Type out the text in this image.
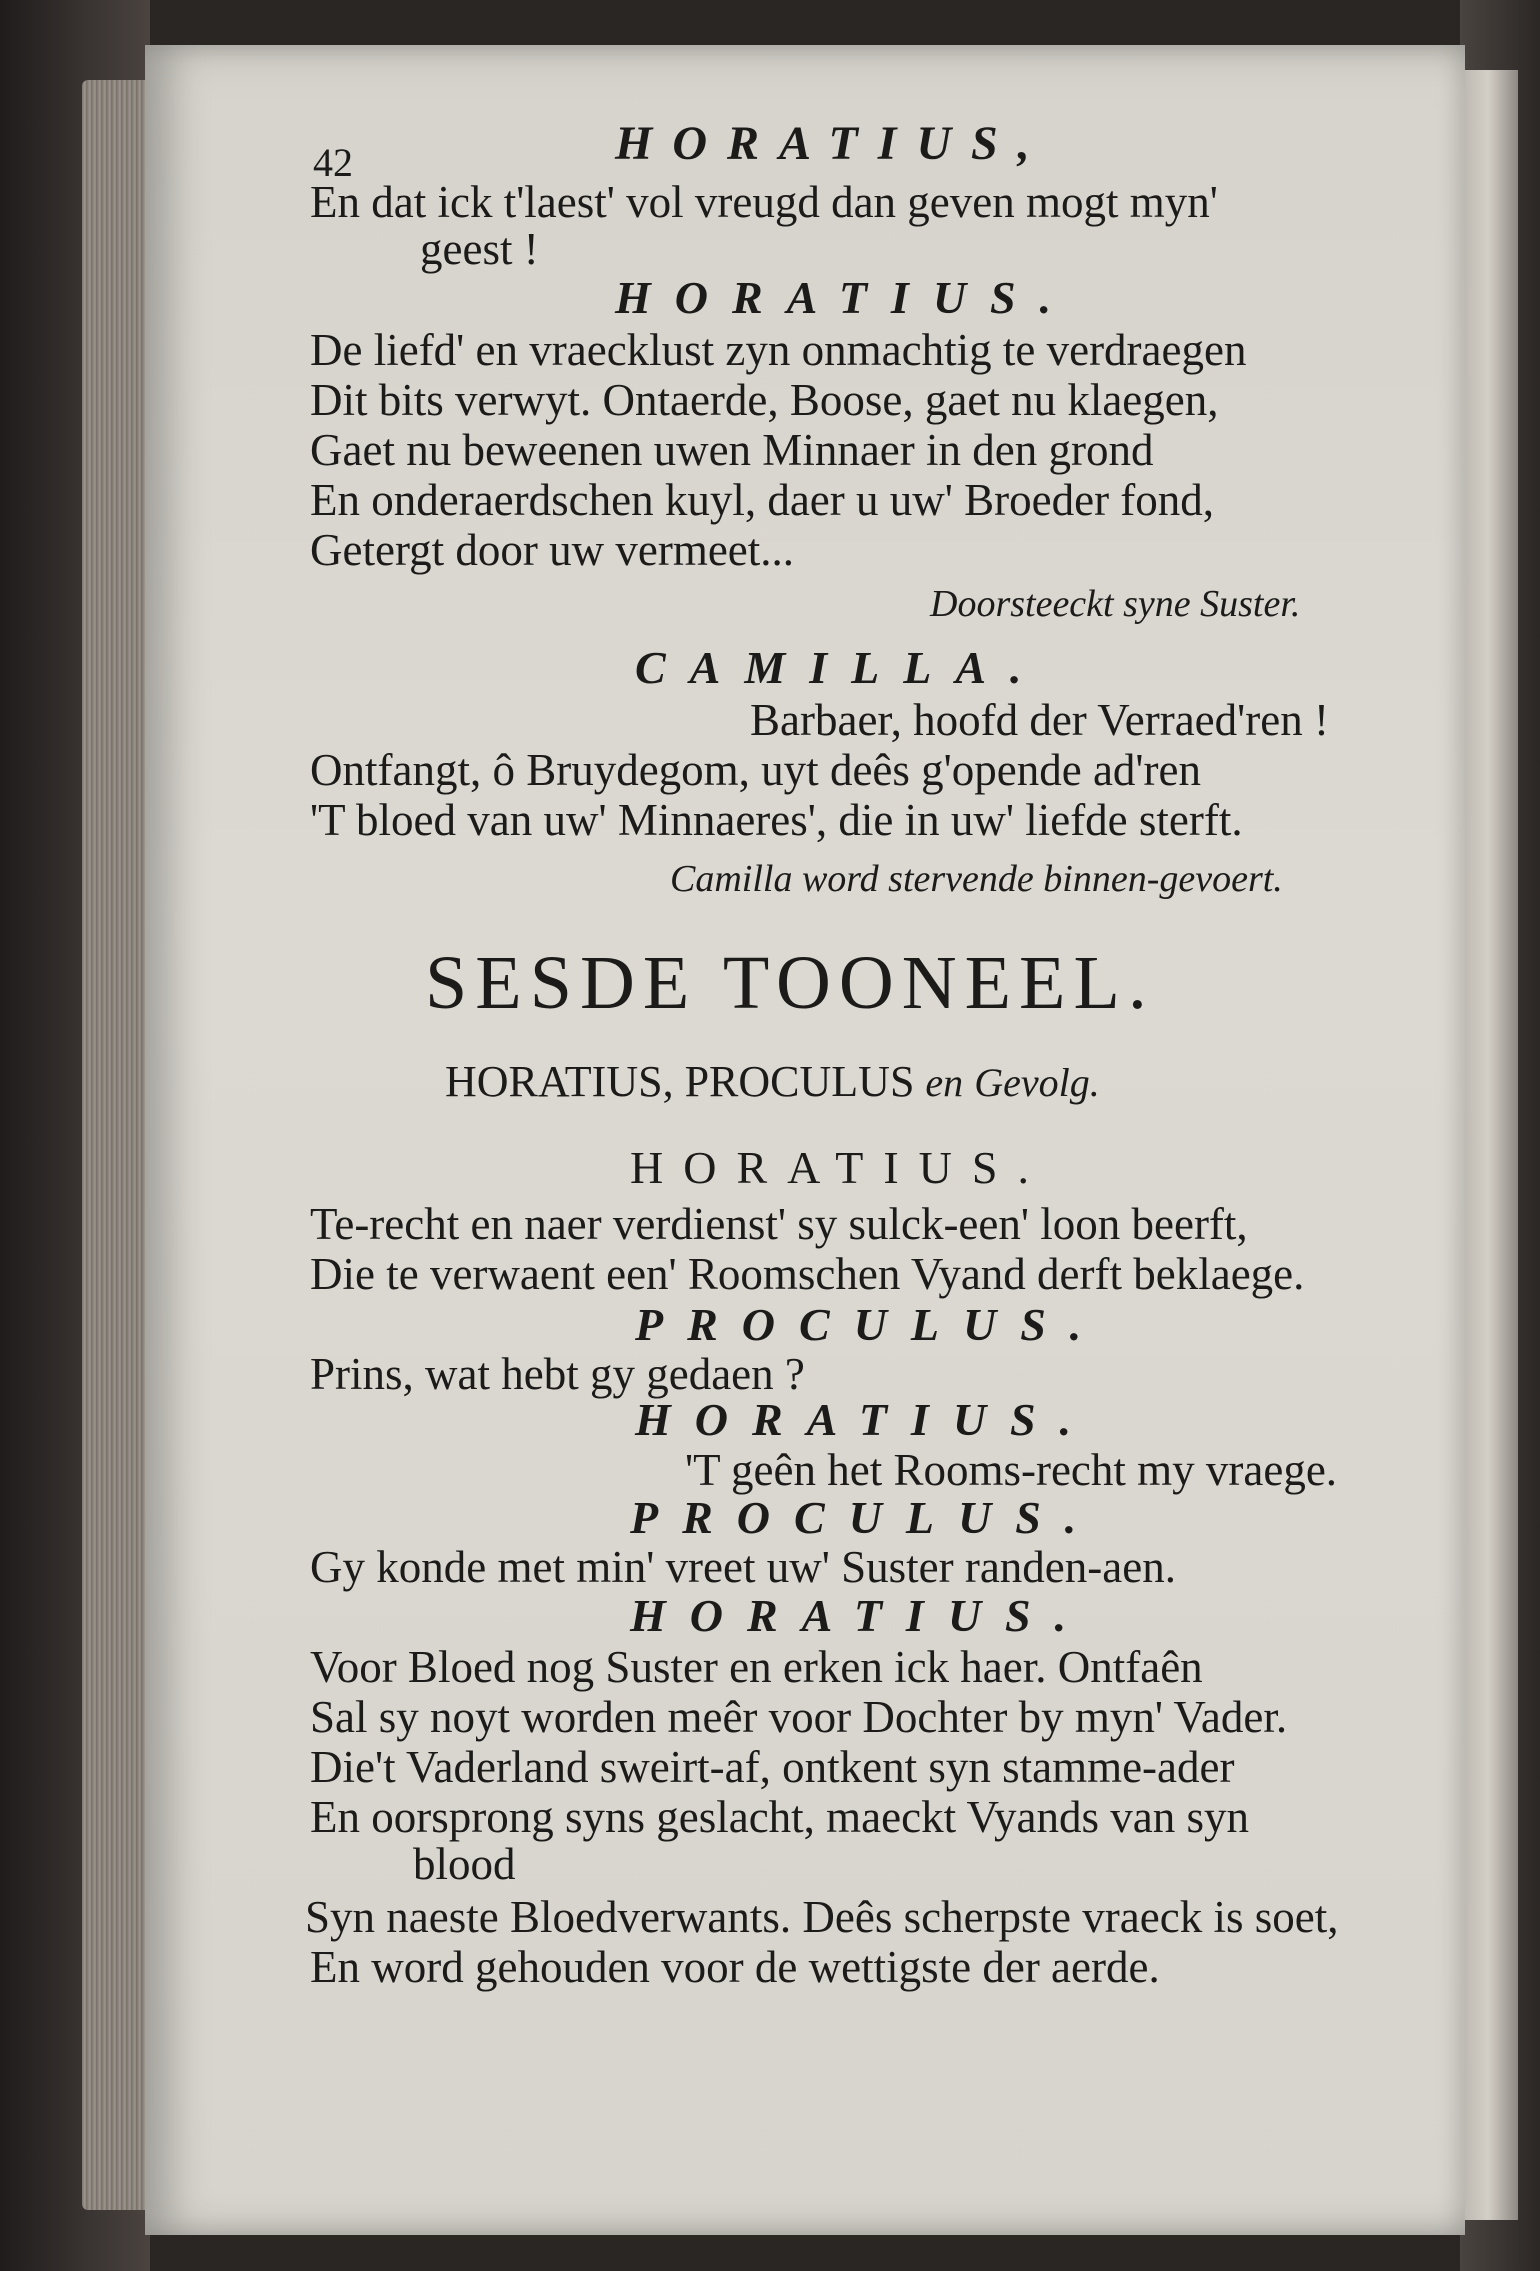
42	HORATIUS,
En dat ick t'laest' vol vreugd dan geven mogt myn'
geest !
HORATIUS.
De liefd' en vraecklust zyn onmachtig te verdraegen
Dit bits verwyt. Ontaerde, Boose, gaet nu klaegen,
Gaet nu beweenen uwen Minnaer in den grond
En onderaerdschen kuyl, daer u uw' Broeder fond,
Getergt door uw vermeet...
Doorsteeckt syne Suster.
CAMILLA.
Barbaer, hoofd der Verraed'ren !
Ontfangt, ô Bruydegom, uyt deês g'opende ad'ren
'T bloed van uw' Minnaeres', die in uw' liefde sterft.
Camilla word stervende binnen-gevoert.
SESDE TOONEEL.
HORATIUS, PROCULUS en Gevolg.
HORATIUS.
Te-recht en naer verdienst' sy sulck-een' loon beerft,
Die te verwaent een' Roomschen Vyand derft beklaege.
PROCULUS.
Prins, wat hebt gy gedaen ?
HORATIUS.
'T geên het Rooms-recht my vraege.
PROCULUS.
Gy konde met min' vreet uw' Suster randen-aen.
HORATIUS.
Voor Bloed nog Suster en erken ick haer. Ontfaên
Sal sy noyt worden meêr voor Dochter by myn' Vader.
Die't Vaderland sweirt-af, ontkent syn stamme-ader
En oorsprong syns geslacht, maeckt Vyands van syn
blood
Syn naeste Bloedverwants. Deês scherpste vraeck is soet,
En word gehouden voor de wettigste der aerde.
